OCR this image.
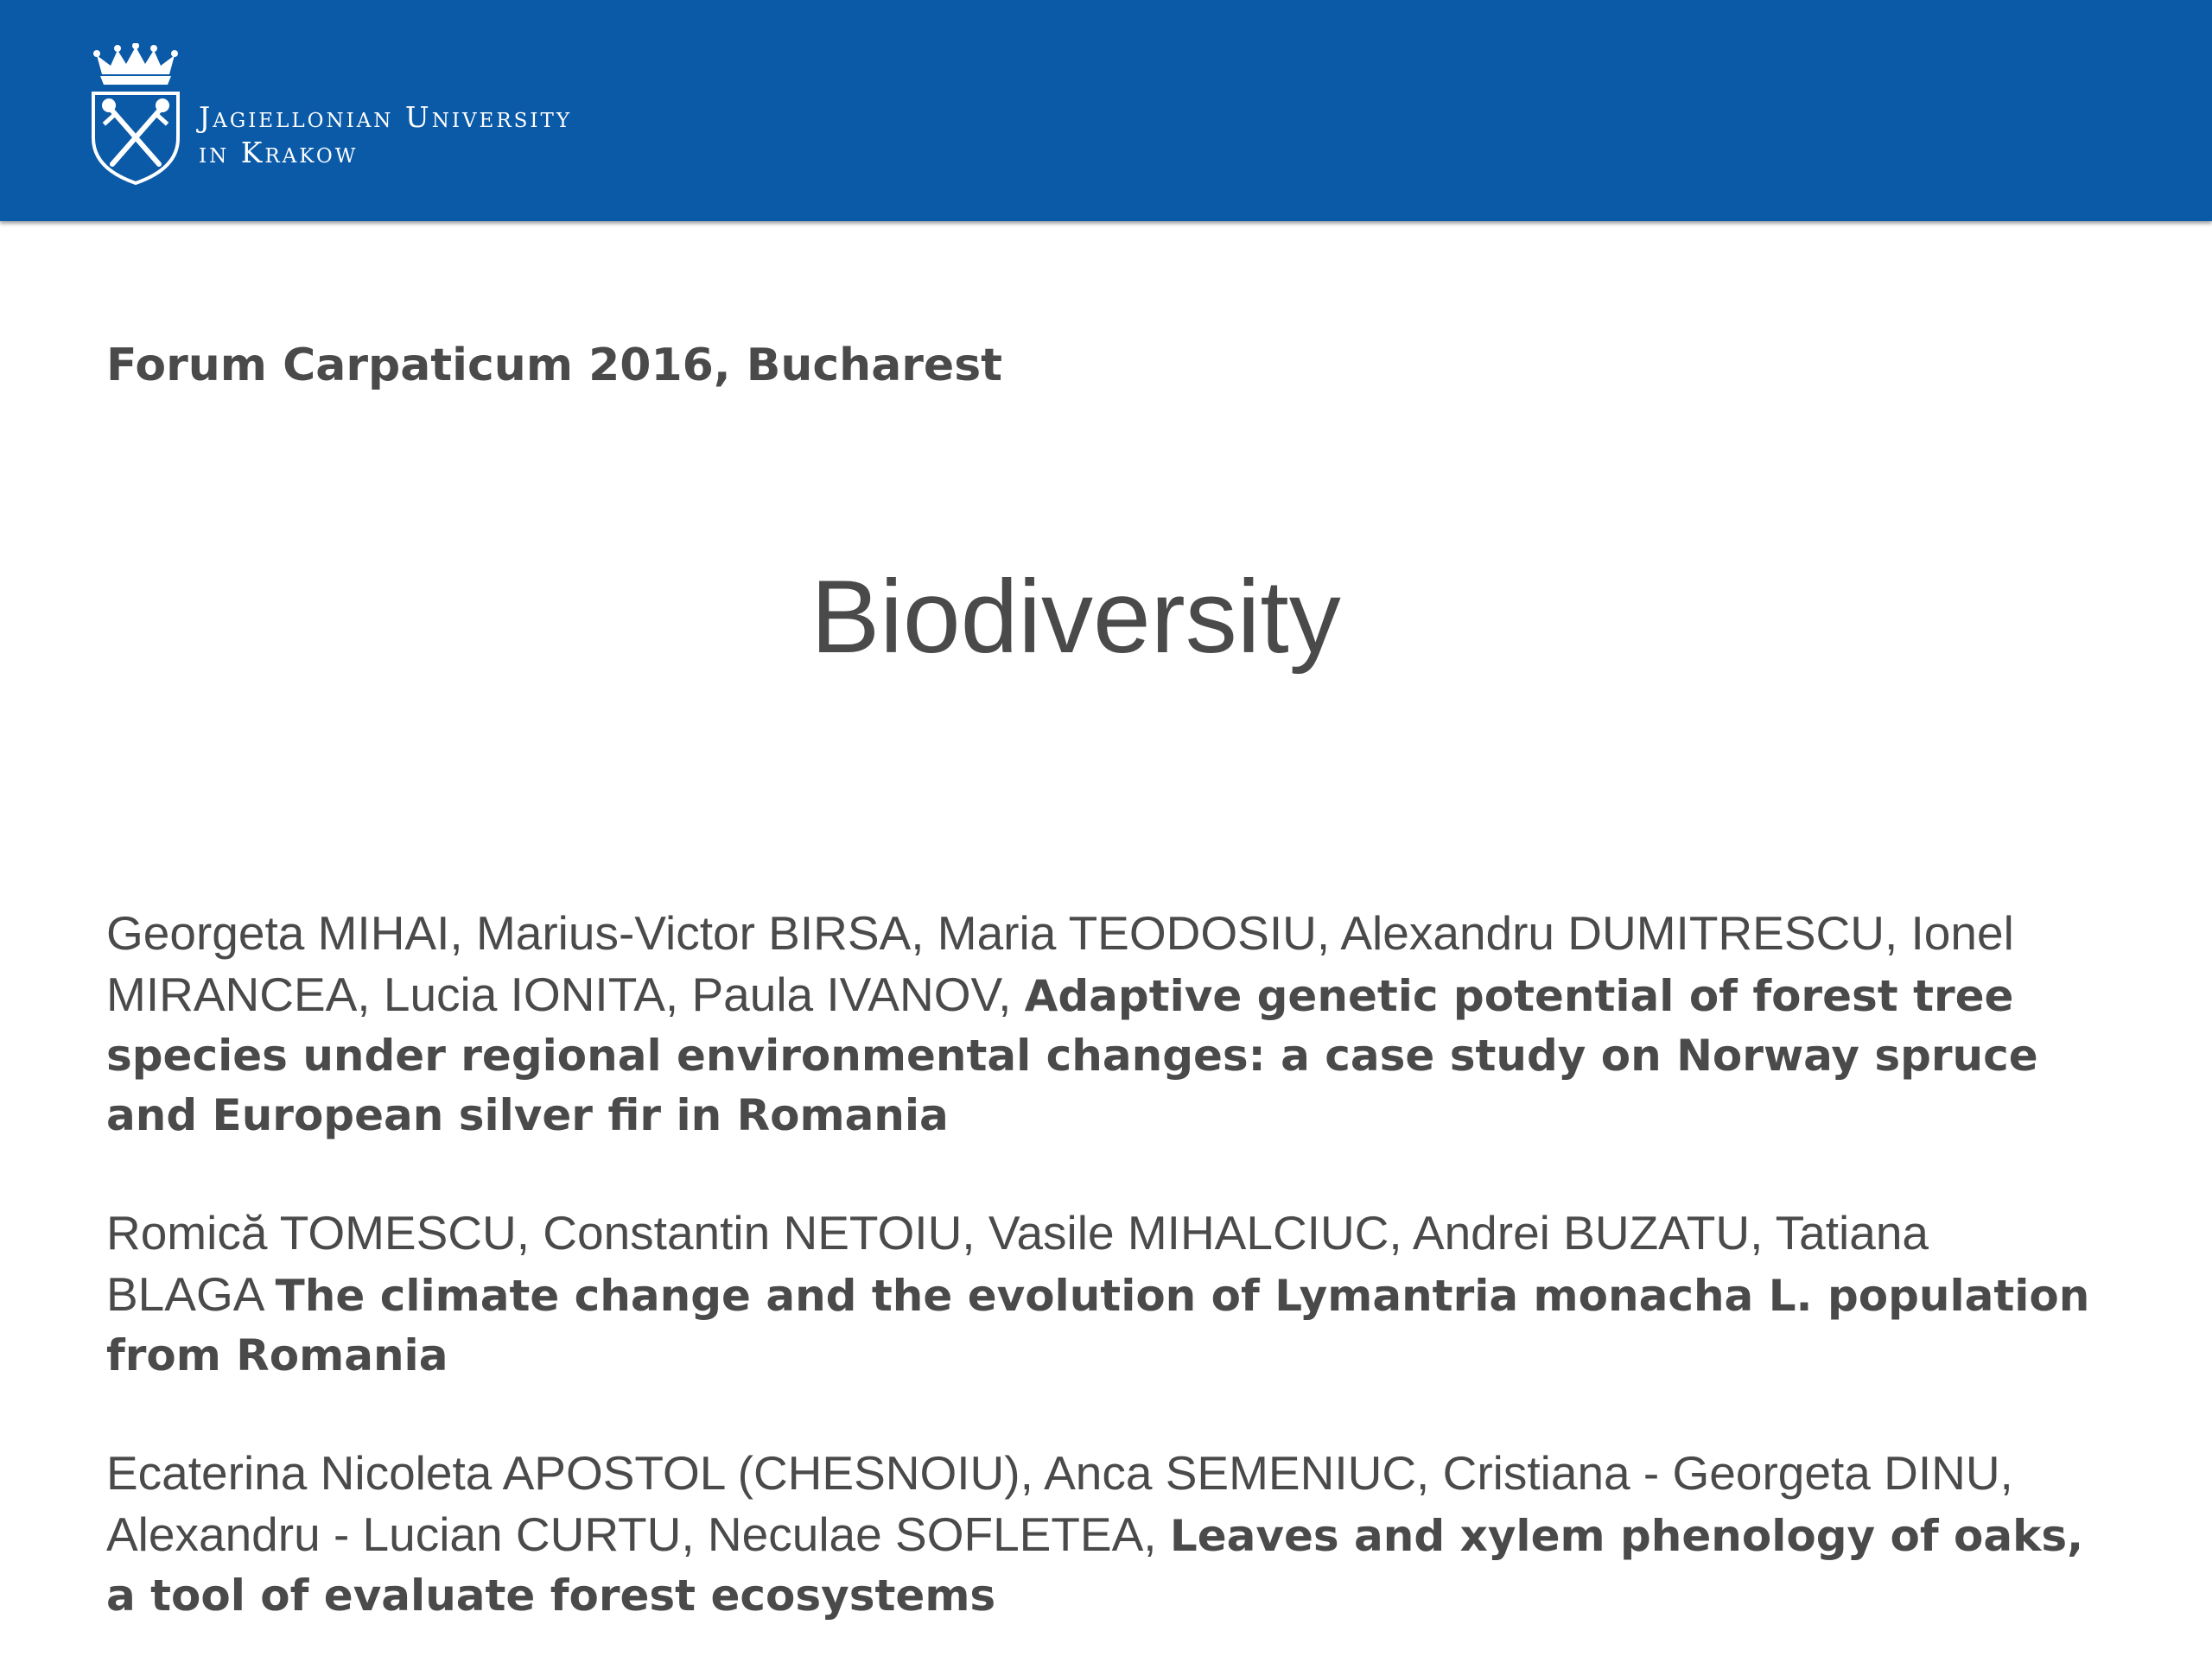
Jagiellonian University
in Krakow
Forum Carpaticum 2016, Bucharest
Biodiversity

Georgeta MIHAI, Marius-Victor BIRSA, Maria TEODOSIU, Alexandru DUMITRESCU, Ionel MIRANCEA, Lucia IONITA, Paula IVANOV, Adaptive genetic potential of forest tree species under regional environmental changes: a case study on Norway spruce and European silver fir in Romania

Romică TOMESCU, Constantin NETOIU, Vasile MIHALCIUC, Andrei BUZATU, Tatiana BLAGA The climate change and the evolution of Lymantria monacha L. population from Romania

Ecaterina Nicoleta APOSTOL (CHESNOIU), Anca SEMENIUC, Cristiana - Georgeta DINU, Alexandru - Lucian CURTU, Neculae SOFLETEA, Leaves and xylem phenology of oaks, a tool of evaluate forest ecosystems
